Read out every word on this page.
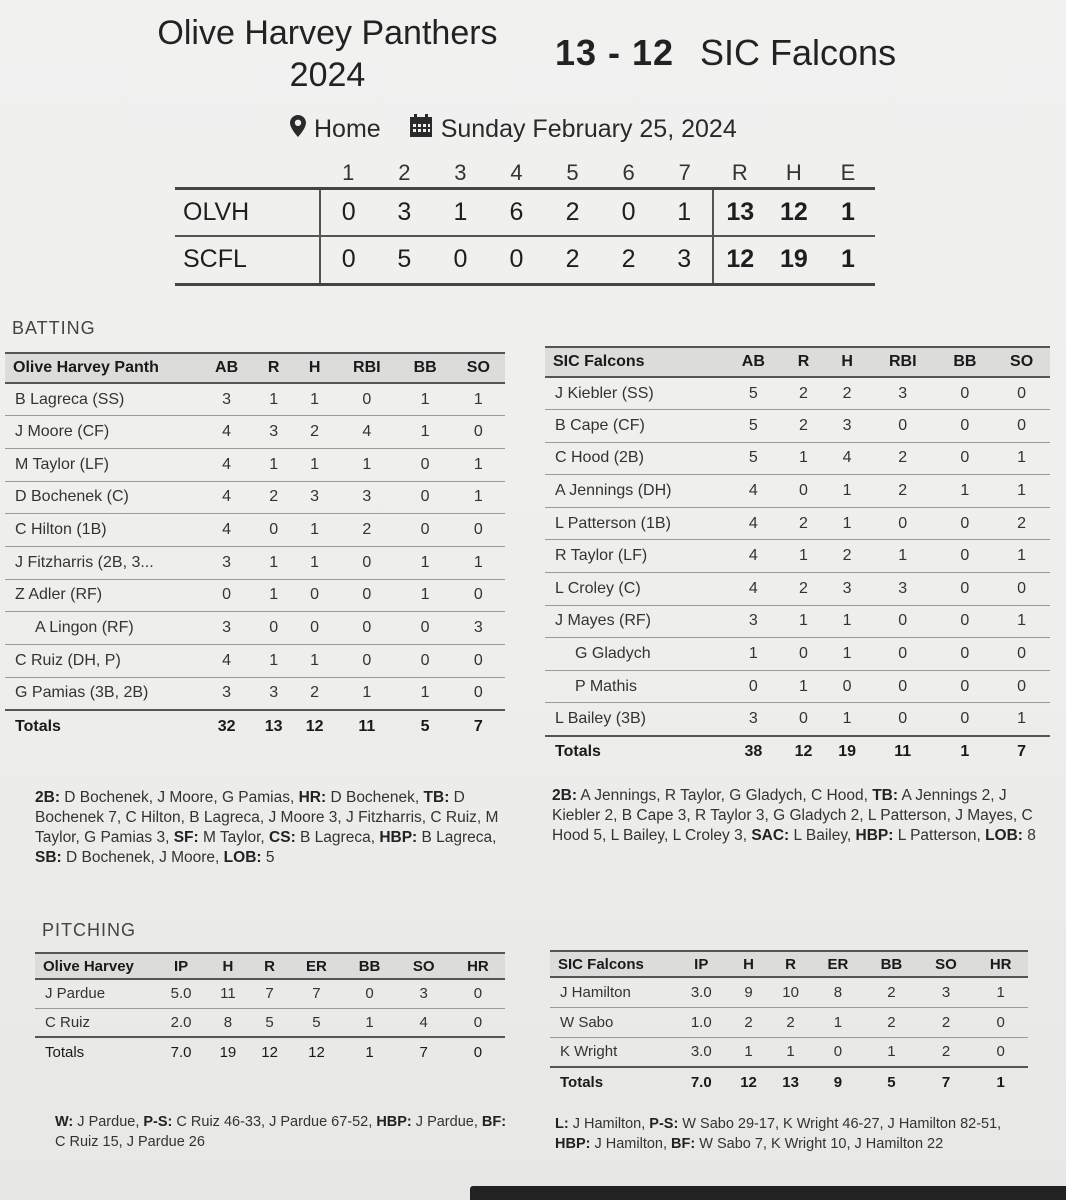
Olive Harvey Panthers
2024
13 - 12 SIC Falcons
Home Sunday February 25, 2024
	1	2	3	4	5	6	7	R	H	E
OLVH	0	3	1	6	2	0	1	13	12	1
SCFL	0	5	0	0	2	2	3	12	19	1
BATTING
Olive Harvey Panth	AB	R	H	RBI	BB	SO
B Lagreca (SS)	3	1	1	0	1	1
J Moore (CF)	4	3	2	4	1	0
M Taylor (LF)	4	1	1	1	0	1
D Bochenek (C)	4	2	3	3	0	1
C Hilton (1B)	4	0	1	2	0	0
J Fitzharris (2B, 3...	3	1	1	0	1	1
Z Adler (RF)	0	1	0	0	1	0
A Lingon (RF)	3	0	0	0	0	3
C Ruiz (DH, P)	4	1	1	0	0	0
G Pamias (3B, 2B)	3	3	2	1	1	0
Totals	32	13	12	11	5	7
SIC Falcons	AB	R	H	RBI	BB	SO
J Kiebler (SS)	5	2	2	3	0	0
B Cape (CF)	5	2	3	0	0	0
C Hood (2B)	5	1	4	2	0	1
A Jennings (DH)	4	0	1	2	1	1
L Patterson (1B)	4	2	1	0	0	2
R Taylor (LF)	4	1	2	1	0	1
L Croley (C)	4	2	3	3	0	0
J Mayes (RF)	3	1	1	0	0	1
G Gladych	1	0	1	0	0	0
P Mathis	0	1	0	0	0	0
L Bailey (3B)	3	0	1	0	0	1
Totals	38	12	19	11	1	7
2B: D Bochenek, J Moore, G Pamias, HR: D Bochenek, TB: D Bochenek 7, C Hilton, B Lagreca, J Moore 3, J Fitzharris, C Ruiz, M Taylor, G Pamias 3, SF: M Taylor, CS: B Lagreca, HBP: B Lagreca, SB: D Bochenek, J Moore, LOB: 5
2B: A Jennings, R Taylor, G Gladych, C Hood, TB: A Jennings 2, J Kiebler 2, B Cape 3, R Taylor 3, G Gladych 2, L Patterson, J Mayes, C Hood 5, L Bailey, L Croley 3, SAC: L Bailey, HBP: L Patterson, LOB: 8
PITCHING
Olive Harvey	IP	H	R	ER	BB	SO	HR
J Pardue	5.0	11	7	7	0	3	0
C Ruiz	2.0	8	5	5	1	4	0
Totals	7.0	19	12	12	1	7	0
SIC Falcons	IP	H	R	ER	BB	SO	HR
J Hamilton	3.0	9	10	8	2	3	1
W Sabo	1.0	2	2	1	2	2	0
K Wright	3.0	1	1	0	1	2	0
Totals	7.0	12	13	9	5	7	1
W: J Pardue, P-S: C Ruiz 46-33, J Pardue 67-52, HBP: J Pardue, BF: C Ruiz 15, J Pardue 26
L: J Hamilton, P-S: W Sabo 29-17, K Wright 46-27, J Hamilton 82-51, HBP: J Hamilton, BF: W Sabo 7, K Wright 10, J Hamilton 22
